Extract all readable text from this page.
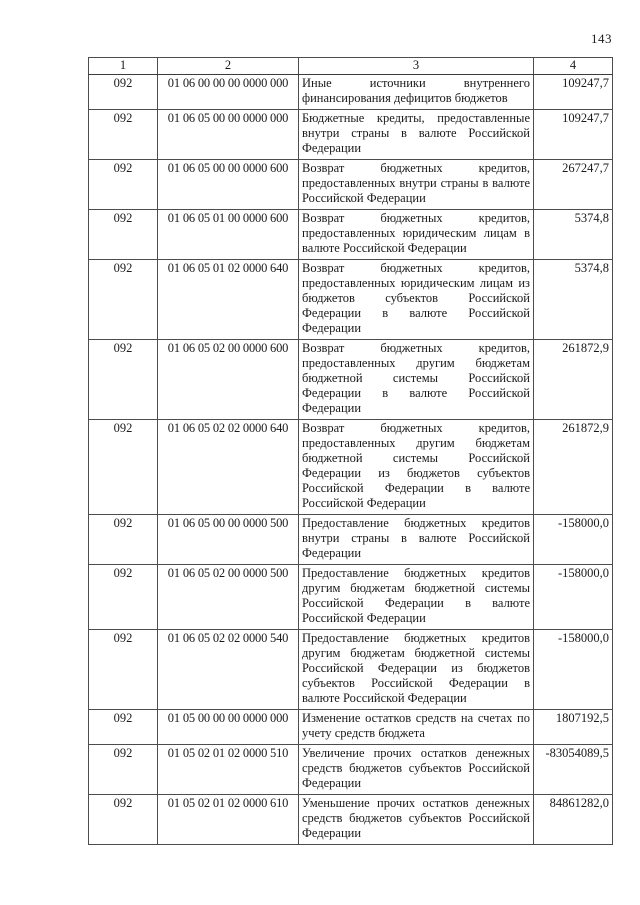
143
1	2	3	4
092	01 06 00 00 00 0000 000	Иные источники внутреннего финансирования дефицитов бюджетов	109247,7
092	01 06 05 00 00 0000 000	Бюджетные кредиты, предоставленные внутри страны в валюте Российской Федерации	109247,7
092	01 06 05 00 00 0000 600	Возврат бюджетных кредитов, предоставленных внутри страны в валюте Российской Федерации	267247,7
092	01 06 05 01 00 0000 600	Возврат бюджетных кредитов, предоставленных юридическим лицам в валюте Российской Федерации	5374,8
092	01 06 05 01 02 0000 640	Возврат бюджетных кредитов, предоставленных юридическим лицам из бюджетов субъектов Российской Федерации в валюте Российской Федерации	5374,8
092	01 06 05 02 00 0000 600	Возврат бюджетных кредитов, предоставленных другим бюджетам бюджетной системы Российской Федерации в валюте Российской Федерации	261872,9
092	01 06 05 02 02 0000 640	Возврат бюджетных кредитов, предоставленных другим бюджетам бюджетной системы Российской Федерации из бюджетов субъектов Российской Федерации в валюте Российской Федерации	261872,9
092	01 06 05 00 00 0000 500	Предоставление бюджетных кредитов внутри страны в валюте Российской Федерации	-158000,0
092	01 06 05 02 00 0000 500	Предоставление бюджетных кредитов другим бюджетам бюджетной системы Российской Федерации в валюте Российской Федерации	-158000,0
092	01 06 05 02 02 0000 540	Предоставление бюджетных кредитов другим бюджетам бюджетной системы Российской Федерации из бюджетов субъектов Российской Федерации в валюте Российской Федерации	-158000,0
092	01 05 00 00 00 0000 000	Изменение остатков средств на счетах по учету средств бюджета	1807192,5
092	01 05 02 01 02 0000 510	Увеличение прочих остатков денежных средств бюджетов субъектов Российской Федерации	-83054089,5
092	01 05 02 01 02 0000 610	Уменьшение прочих остатков денежных средств бюджетов субъектов Российской Федерации	84861282,0
